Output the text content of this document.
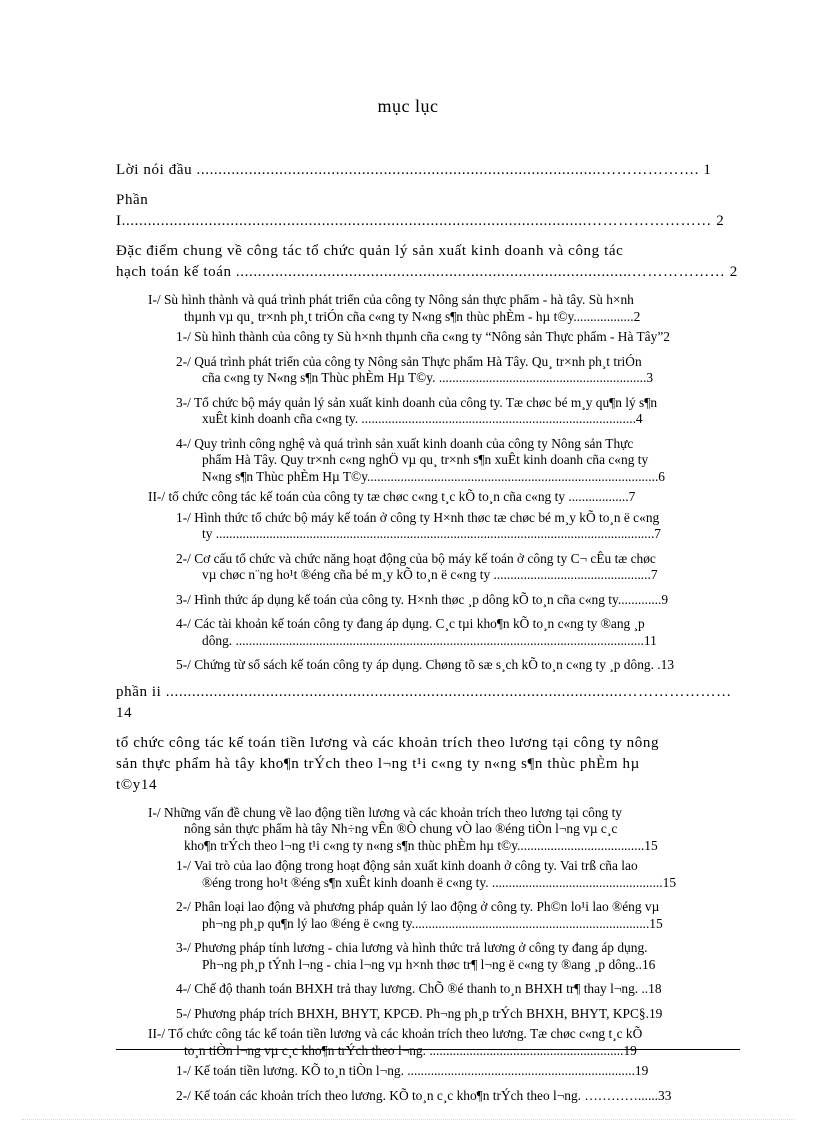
mục lục
Lời nói đầu .............................................................................................………………. 1
Phần I...........................................................................................................…………………… 2
Đặc điểm chung về công tác tổ chức quản lý sản xuất kinh doanh và công tác
hạch toán kế toán ...........................................................................................……………… 2
I-/ Sù hình thành và quá trình phát triển của công ty Nông sản thực phẩm - hà tây. Sù h×nh
thµnh vµ qu¸ tr×nh ph¸t triÓn cña c«ng ty N«ng s¶n thùc phÈm - hµ t©y..................2
1-/ Sù hình thành của công ty Sù h×nh thµnh cña c«ng ty “Nông sản Thực phẩm - Hà Tây”2
2-/ Quá trình phát triển của công ty Nông sản Thực phẩm Hà Tây. Qu¸ tr×nh ph¸t triÓn
cña c«ng ty N«ng s¶n Thùc phÈm Hµ T©y. ..............................................................3
3-/ Tổ chức bộ máy quản lý sản xuất kinh doanh của công ty. Tæ chøc bé m¸y qu¶n lý s¶n
xuÊt kinh doanh cña c«ng ty. ..................................................................................4
4-/ Quy trình công nghệ và quá trình sản xuất kinh doanh của công ty Nông sản Thực
phẩm Hà Tây. Quy tr×nh c«ng nghÖ vµ qu¸ tr×nh s¶n xuÊt kinh doanh cña c«ng ty
N«ng s¶n Thùc phÈm Hµ T©y.......................................................................................6
II-/ tổ chức công tác kế toán của công ty tæ chøc c«ng t¸c kÕ to¸n cña c«ng ty ..................7
1-/ Hình thức tổ chức bộ máy kế toán ở công ty H×nh thøc tæ chøc bé m¸y kÕ to¸n ë c«ng
ty ...................................................................................................................................7
2-/ Cơ cấu tổ chức và chức năng hoạt động của bộ máy kế toán ở công ty C¬ cÊu tæ chøc
vµ chøc n¨ng ho¹t ®éng cña bé m¸y kÕ to¸n ë c«ng ty ...............................................7
3-/ Hình thức áp dụng kế toán của công ty. H×nh thøc ¸p dông kÕ to¸n cña c«ng ty.............9
4-/ Các tài khoản kế toán công ty đang áp dụng. C¸c tµi kho¶n kÕ to¸n c«ng ty ®ang ¸p
dông. ..........................................................................................................................11
5-/ Chứng từ sổ sách kế toán công ty áp dụng. Chøng tõ sæ s¸ch kÕ to¸n c«ng ty ¸p dông. .13
phần ii .........................................................................................................………………… 14
tổ chức công tác kế toán tiền lương và các khoản trích theo lương tại công ty nông
sản thực phẩm hà tây kho¶n trÝch theo l¬ng t¹i c«ng ty n«ng s¶n thùc phÈm hµ
t©y14
I-/ Những vấn đề chung về lao động tiền lương và các khoản trích theo lương tại công ty
nông sản thực phẩm hà tây Nh÷ng vÊn ®Ò chung vÒ lao ®éng tiÒn l¬ng vµ c¸c
kho¶n trÝch theo l¬ng t¹i c«ng ty n«ng s¶n thùc phÈm hµ t©y......................................15
1-/ Vai trò của lao động trong hoạt động sản xuất kinh doanh ở công ty. Vai trß cña lao
®éng trong ho¹t ®éng s¶n xuÊt kinh doanh ë c«ng ty. ...................................................15
2-/ Phân loại lao động và phương pháp quản lý lao động ở công ty. Ph©n lo¹i lao ®éng vµ
ph¬ng ph¸p qu¶n lý lao ®éng ë c«ng ty.......................................................................15
3-/ Phương pháp tính lương - chia lương và hình thức trả lương ở công ty đang áp dụng.
Ph¬ng ph¸p tÝnh l¬ng - chia l¬ng vµ h×nh thøc tr¶ l¬ng ë c«ng ty ®ang ¸p dông..16
4-/ Chế độ thanh toán BHXH trả thay lương. ChÕ ®é thanh to¸n BHXH tr¶ thay l¬ng. ..18
5-/ Phương pháp trích BHXH, BHYT, KPCĐ. Ph¬ng ph¸p trÝch BHXH, BHYT, KPC§.19
II-/ Tổ chức công tác kế toán tiền lương và các khoản trích theo lương. Tæ chøc c«ng t¸c kÕ
to¸n tiÒn l¬ng vµ c¸c kho¶n trÝch theo l¬ng. ..........................................................19
1-/ Kế toán tiền lương. KÕ to¸n tiÒn l¬ng. ....................................................................19
2-/ Kế toán các khoản trích theo lương. KÕ to¸n c¸c kho¶n trÝch theo l¬ng. …………......33
